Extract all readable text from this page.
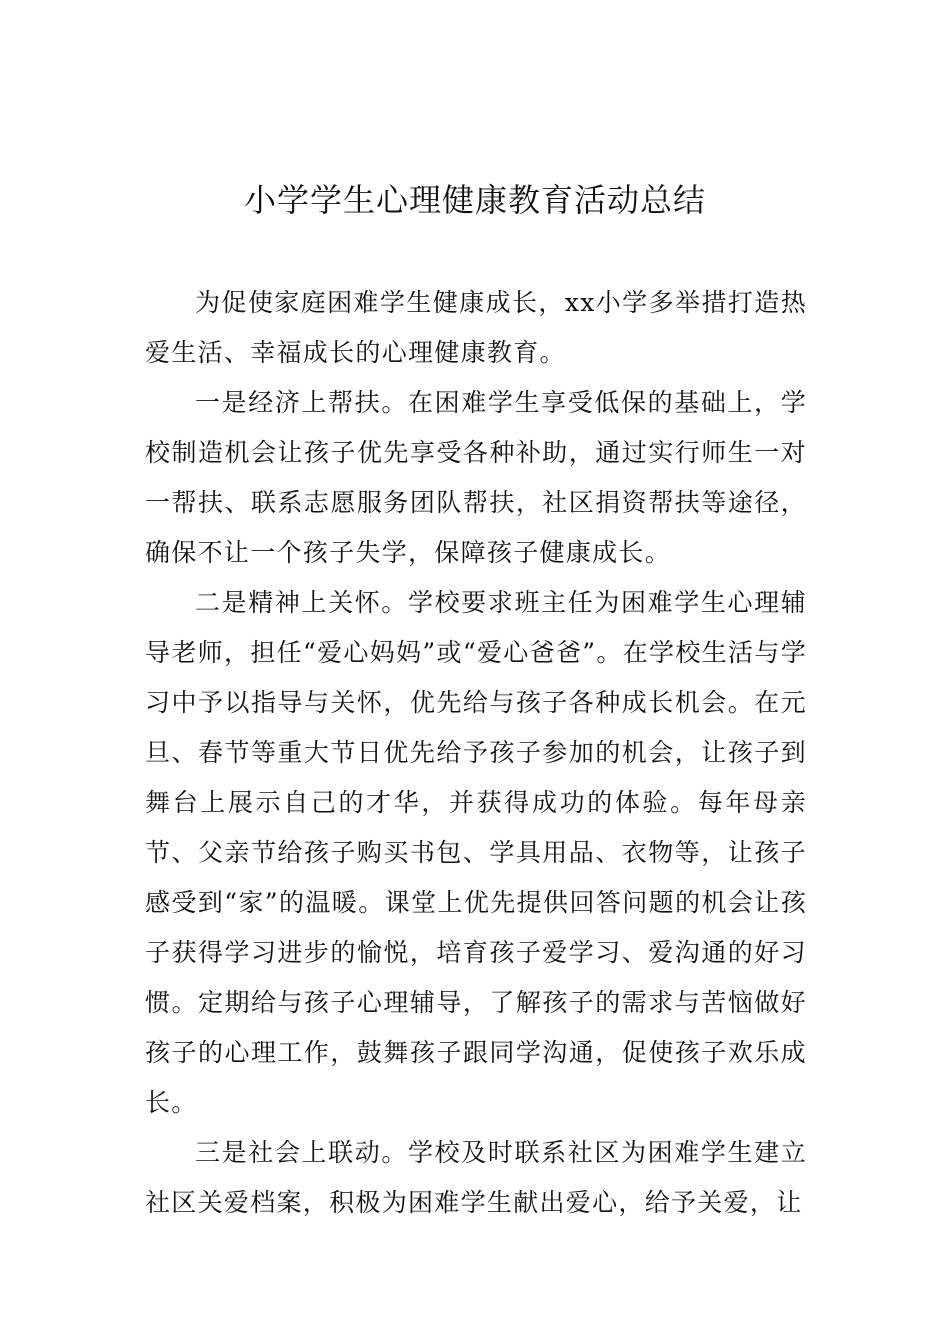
小学学生心理健康教育活动总结

为促使家庭困难学生健康成长，xx小学多举措打造热爱生活、幸福成长的心理健康教育。

一是经济上帮扶。在困难学生享受低保的基础上，学校制造机会让孩子优先享受各种补助，通过实行师生一对一帮扶、联系志愿服务团队帮扶，社区捐资帮扶等途径，确保不让一个孩子失学，保障孩子健康成长。

二是精神上关怀。学校要求班主任为困难学生心理辅导老师，担任“爱心妈妈”或“爱心爸爸”。在学校生活与学习中予以指导与关怀，优先给与孩子各种成长机会。在元旦、春节等重大节日优先给予孩子参加的机会，让孩子到舞台上展示自己的才华，并获得成功的体验。每年母亲节、父亲节给孩子购买书包、学具用品、衣物等，让孩子感受到“家”的温暖。课堂上优先提供回答问题的机会让孩子获得学习进步的愉悦，培育孩子爱学习、爱沟通的好习惯。定期给与孩子心理辅导，了解孩子的需求与苦恼做好孩子的心理工作，鼓舞孩子跟同学沟通，促使孩子欢乐成长。

三是社会上联动。学校及时联系社区为困难学生建立社区关爱档案，积极为困难学生献出爱心，给予关爱，让
